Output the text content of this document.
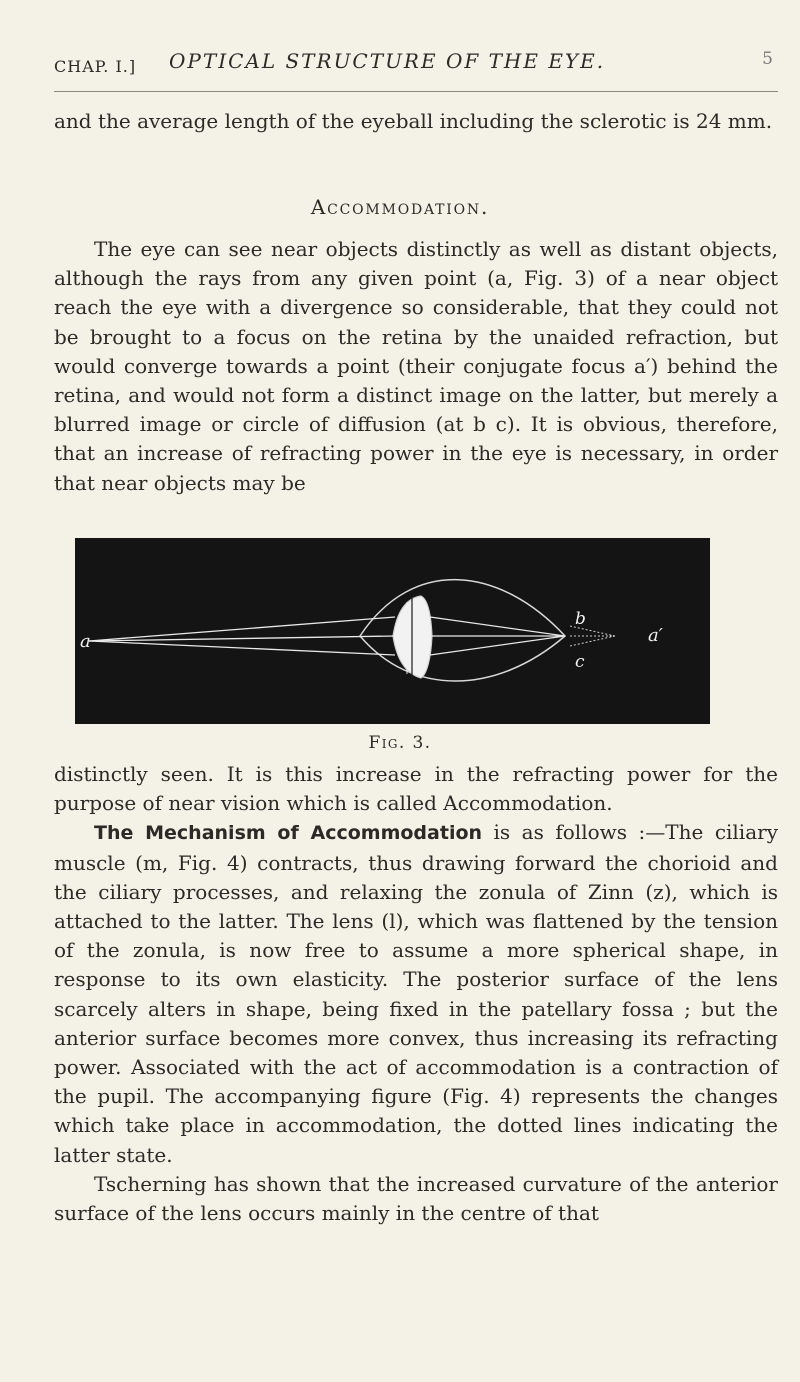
CHAP. I.] OPTICAL STRUCTURE OF THE EYE.	5

and the average length of the eyeball including the sclerotic is 24 mm.

Accommodation.

The eye can see near objects distinctly as well as distant objects, although the rays from any given point (a, Fig. 3) of a near object reach the eye with a divergence so considerable, that they could not be brought to a focus on the retina by the unaided refraction, but would converge towards a point (their conjugate focus a′) behind the retina, and would not form a distinct image on the latter, but merely a blurred image or circle of diffusion (at b c). It is obvious, therefore, that an increase of refracting power in the eye is necessary, in order that near objects may be

a
b
c
a′
Fig. 3.

distinctly seen. It is this increase in the refracting power for the purpose of near vision which is called Accommodation.

The Mechanism of Accommodation is as follows :—The ciliary muscle (m, Fig. 4) contracts, thus drawing forward the chorioid and the ciliary processes, and relaxing the zonula of Zinn (z), which is attached to the latter. The lens (l), which was flattened by the tension of the zonula, is now free to assume a more spherical shape, in response to its own elasticity. The posterior surface of the lens scarcely alters in shape, being fixed in the patellary fossa ; but the anterior surface becomes more convex, thus increasing its refracting power. Associated with the act of accommodation is a contraction of the pupil. The accompanying figure (Fig. 4) represents the changes which take place in accommodation, the dotted lines indicating the latter state.

Tscherning has shown that the increased curvature of the anterior surface of the lens occurs mainly in the centre of that
